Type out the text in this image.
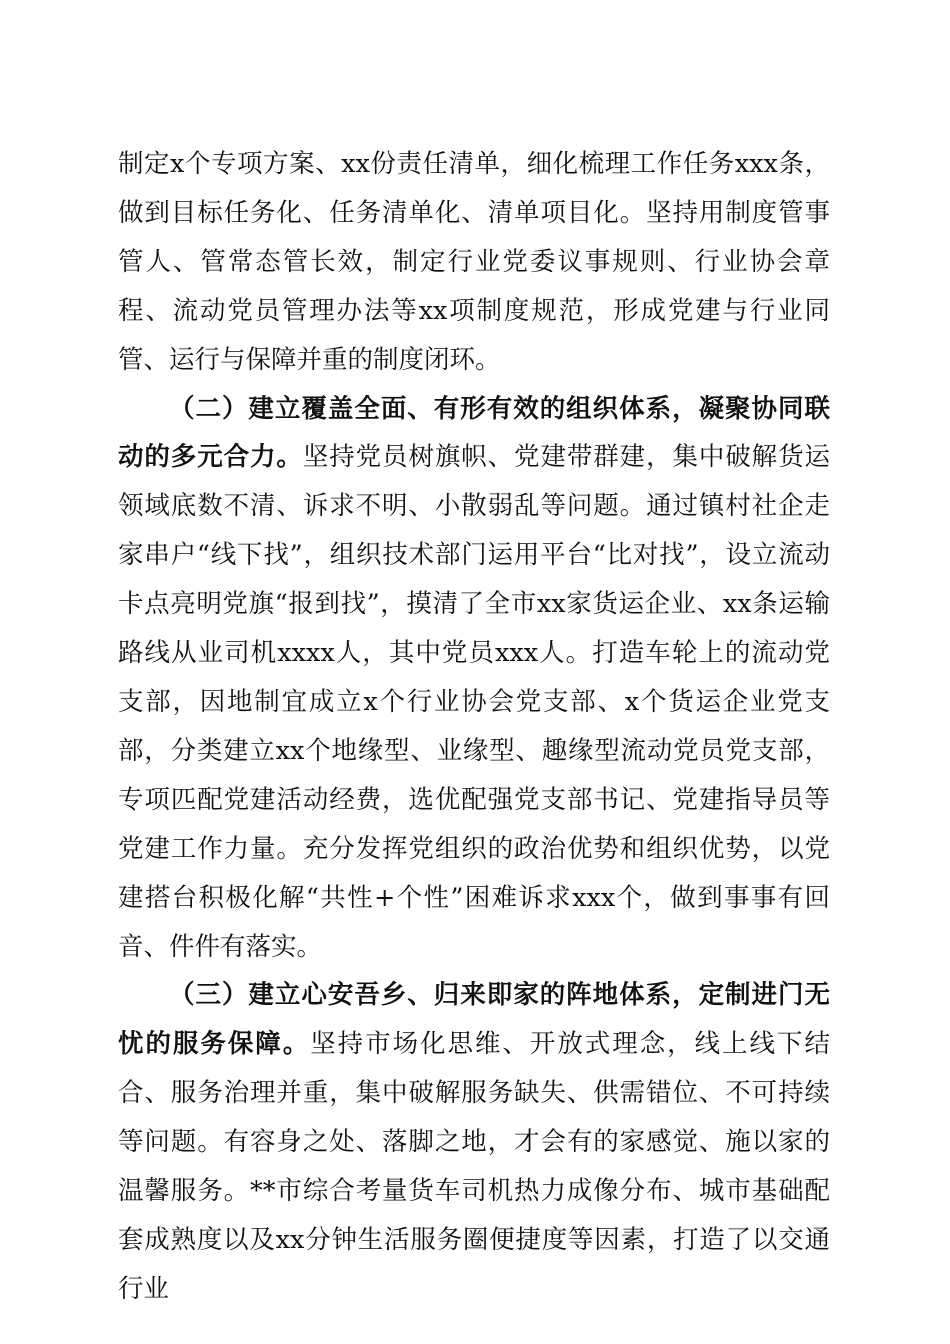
制定x个专项方案、xx份责任清单，细化梳理工作任务xxx条，做到目标任务化、任务清单化、清单项目化。坚持用制度管事管人、管常态管长效，制定行业党委议事规则、行业协会章程、流动党员管理办法等xx项制度规范，形成党建与行业同管、运行与保障并重的制度闭环。

（二）建立覆盖全面、有形有效的组织体系，凝聚协同联动的多元合力。坚持党员树旗帜、党建带群建，集中破解货运领域底数不清、诉求不明、小散弱乱等问题。通过镇村社企走家串户“线下找”，组织技术部门运用平台“比对找”，设立流动卡点亮明党旗“报到找”，摸清了全市xx家货运企业、xx条运输路线从业司机xxxx人，其中党员xxx人。打造车轮上的流动党支部，因地制宜成立x个行业协会党支部、x个货运企业党支部，分类建立xx个地缘型、业缘型、趣缘型流动党员党支部，专项匹配党建活动经费，选优配强党支部书记、党建指导员等党建工作力量。充分发挥党组织的政治优势和组织优势，以党建搭台积极化解“共性+个性”困难诉求xxx个，做到事事有回音、件件有落实。

（三）建立心安吾乡、归来即家的阵地体系，定制进门无忧的服务保障。坚持市场化思维、开放式理念，线上线下结合、服务治理并重，集中破解服务缺失、供需错位、不可持续等问题。有容身之处、落脚之地，才会有的家感觉、施以家的温馨服务。**市综合考量货车司机热力成像分布、城市基础配套成熟度以及xx分钟生活服务圈便捷度等因素，打造了以交通行业
